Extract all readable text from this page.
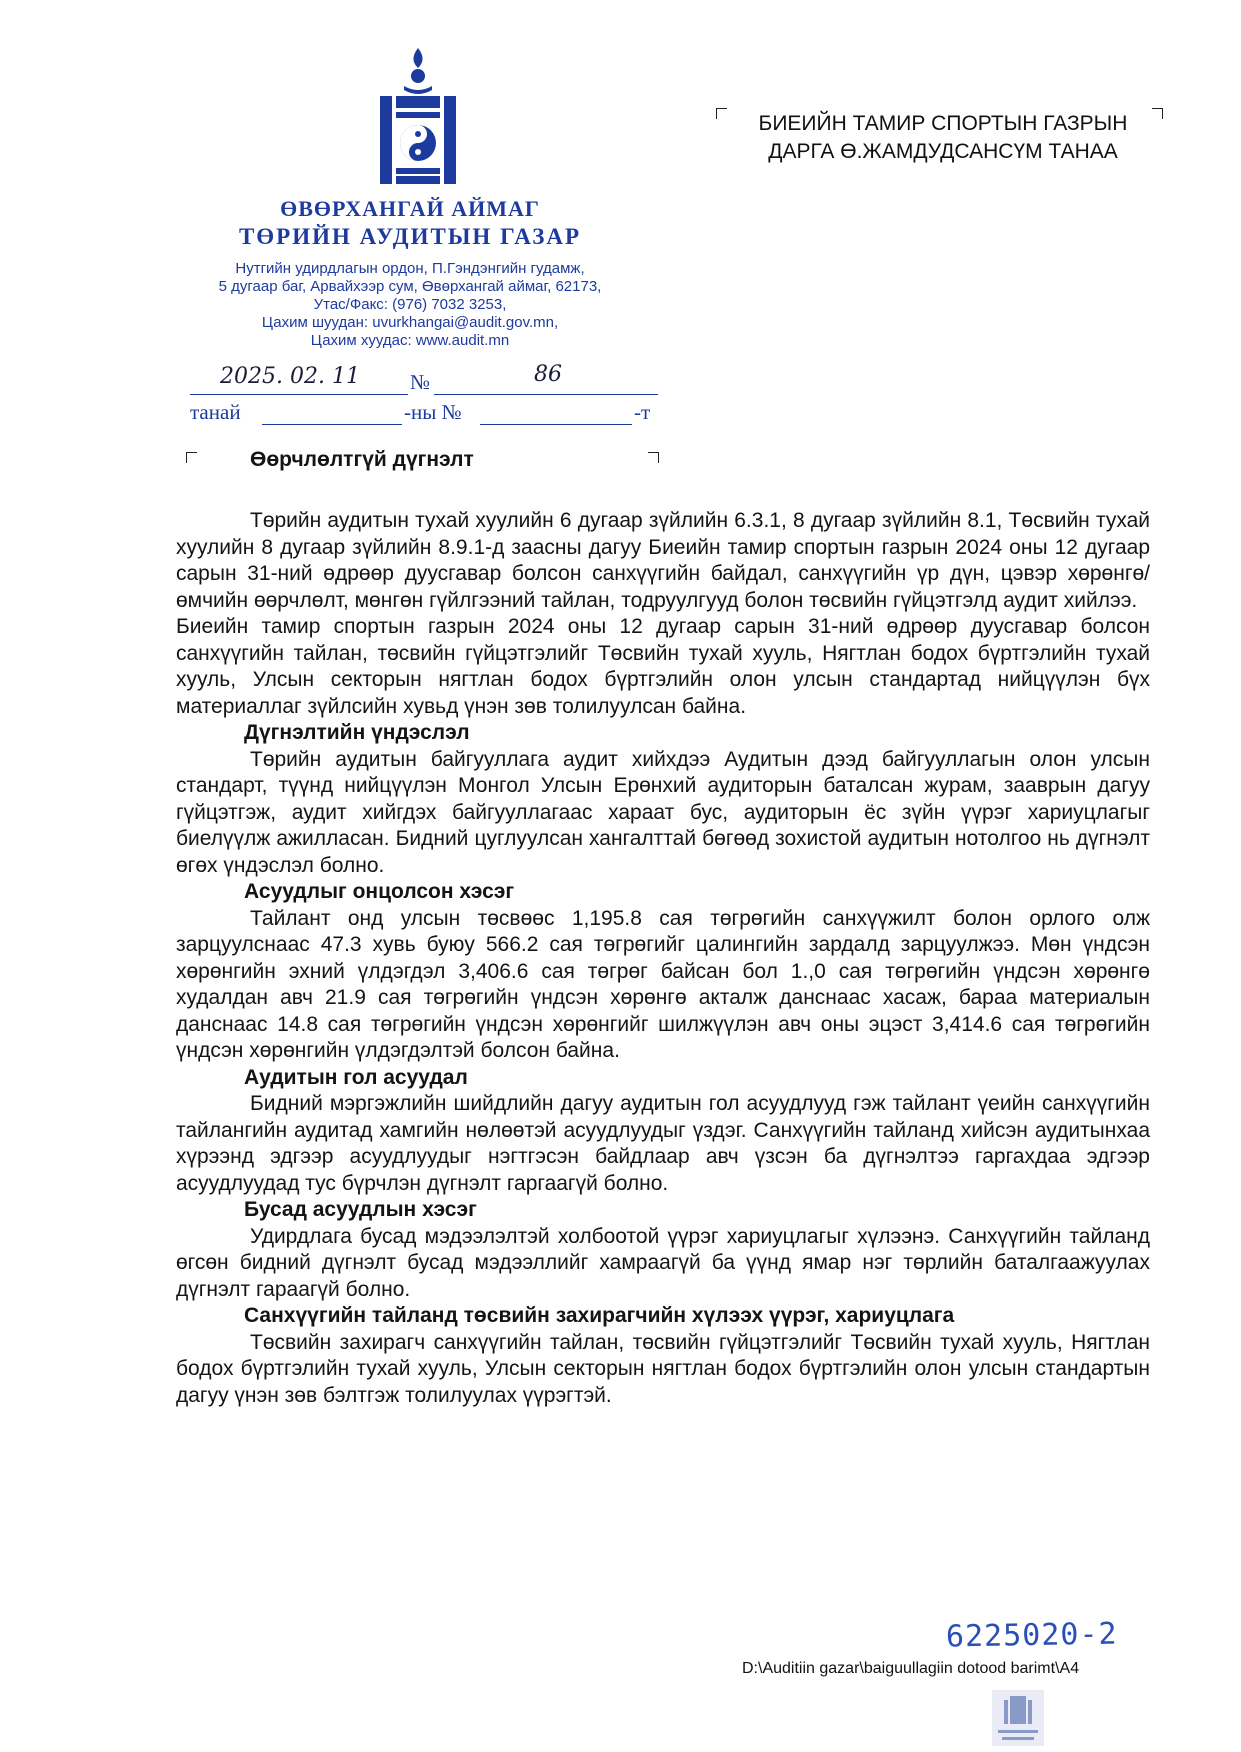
ӨВӨРХАНГАЙ АЙМАГ
ТӨРИЙН АУДИТЫН ГАЗАР
Нутгийн удирдлагын ордон, П.Гэндэнгийн гудамж,
5 дугаар баг, Арвайхээр сум, Өвөрхангай аймаг, 62173,
Утас/Факс: (976) 7032 3253,
Цахим шуудан: uvurkhangai@audit.gov.mn,
Цахим хуудас: www.audit.mn
2025. 02. 11 №	86
танай	-ны №	-т
БИЕИЙН ТАМИР СПОРТЫН ГАЗРЫН
ДАРГА Ө.ЖАМДУДСАНСҮМ ТАНАА
Өөрчлөлтгүй дүгнэлт

Төрийн аудитын тухай хуулийн 6 дугаар зүйлийн 6.3.1, 8 дугаар зүйлийн 8.1, Төсвийн тухай хуулийн 8 дугаар зүйлийн 8.9.1-д заасны дагуу Биеийн тамир спортын газрын 2024 оны 12 дугаар сарын 31-ний өдрөөр дуусгавар болсон санхүүгийн байдал, санхүүгийн үр дүн, цэвэр хөрөнгө/өмчийн өөрчлөлт, мөнгөн гүйлгээний тайлан, тодруулгууд болон төсвийн гүйцэтгэлд аудит хийлээ.

Биеийн тамир спортын газрын 2024 оны 12 дугаар сарын 31-ний өдрөөр дуусгавар болсон санхүүгийн тайлан, төсвийн гүйцэтгэлийг Төсвийн тухай хууль, Нягтлан бодох бүртгэлийн тухай хууль, Улсын секторын нягтлан бодох бүртгэлийн олон улсын стандартад нийцүүлэн бүх материаллаг зүйлсийн хувьд үнэн зөв толилуулсан байна.

Дүгнэлтийн үндэслэл

Төрийн аудитын байгууллага аудит хийхдээ Аудитын дээд байгууллагын олон улсын стандарт, түүнд нийцүүлэн Монгол Улсын Ерөнхий аудиторын баталсан журам, зааврын дагуу гүйцэтгэж, аудит хийгдэх байгууллагаас хараат бус, аудиторын ёс зүйн үүрэг хариуцлагыг биелүүлж ажилласан. Бидний цуглуулсан хангалттай бөгөөд зохистой аудитын нотолгоо нь дүгнэлт өгөх үндэслэл болно.

Асуудлыг онцолсон хэсэг

Тайлант онд улсын төсвөөс 1,195.8 сая төгрөгийн санхүүжилт болон орлого олж зарцуулснаас 47.3 хувь буюу 566.2 сая төгрөгийг цалингийн зардалд зарцуулжээ. Мөн үндсэн хөрөнгийн эхний үлдэгдэл 3,406.6 сая төгрөг байсан бол 1.,0 сая төгрөгийн үндсэн хөрөнгө худалдан авч 21.9 сая төгрөгийн үндсэн хөрөнгө акталж данснаас хасаж, бараа материалын данснаас 14.8 сая төгрөгийн үндсэн хөрөнгийг шилжүүлэн авч оны эцэст 3,414.6 сая төгрөгийн үндсэн хөрөнгийн үлдэгдэлтэй болсон байна.

Аудитын гол асуудал

Бидний мэргэжлийн шийдлийн дагуу аудитын гол асуудлууд гэж тайлант үеийн санхүүгийн тайлангийн аудитад хамгийн нөлөөтэй асуудлуудыг үздэг. Санхүүгийн тайланд хийсэн аудитынхаа хүрээнд эдгээр асуудлуудыг нэгтгэсэн байдлаар авч үзсэн ба дүгнэлтээ гаргахдаа эдгээр асуудлуудад тус бүрчлэн дүгнэлт гаргаагүй болно.

Бусад асуудлын хэсэг

Удирдлага бусад мэдээлэлтэй холбоотой үүрэг хариуцлагыг хүлээнэ. Санхүүгийн тайланд өгсөн бидний дүгнэлт бусад мэдээллийг хамраагүй ба үүнд ямар нэг төрлийн баталгаажуулах дүгнэлт гараагүй болно.

Санхүүгийн тайланд төсвийн захирагчийн хүлээх үүрэг, хариуцлага

Төсвийн захирагч санхүүгийн тайлан, төсвийн гүйцэтгэлийг Төсвийн тухай хууль, Нягтлан бодох бүртгэлийн тухай хууль, Улсын секторын нягтлан бодох бүртгэлийн олон улсын стандартын дагуу үнэн зөв бэлтгэж толилуулах үүрэгтэй.

6225020-2
D:\Auditiin gazar\baiguullagiin dotood barimt\A4
